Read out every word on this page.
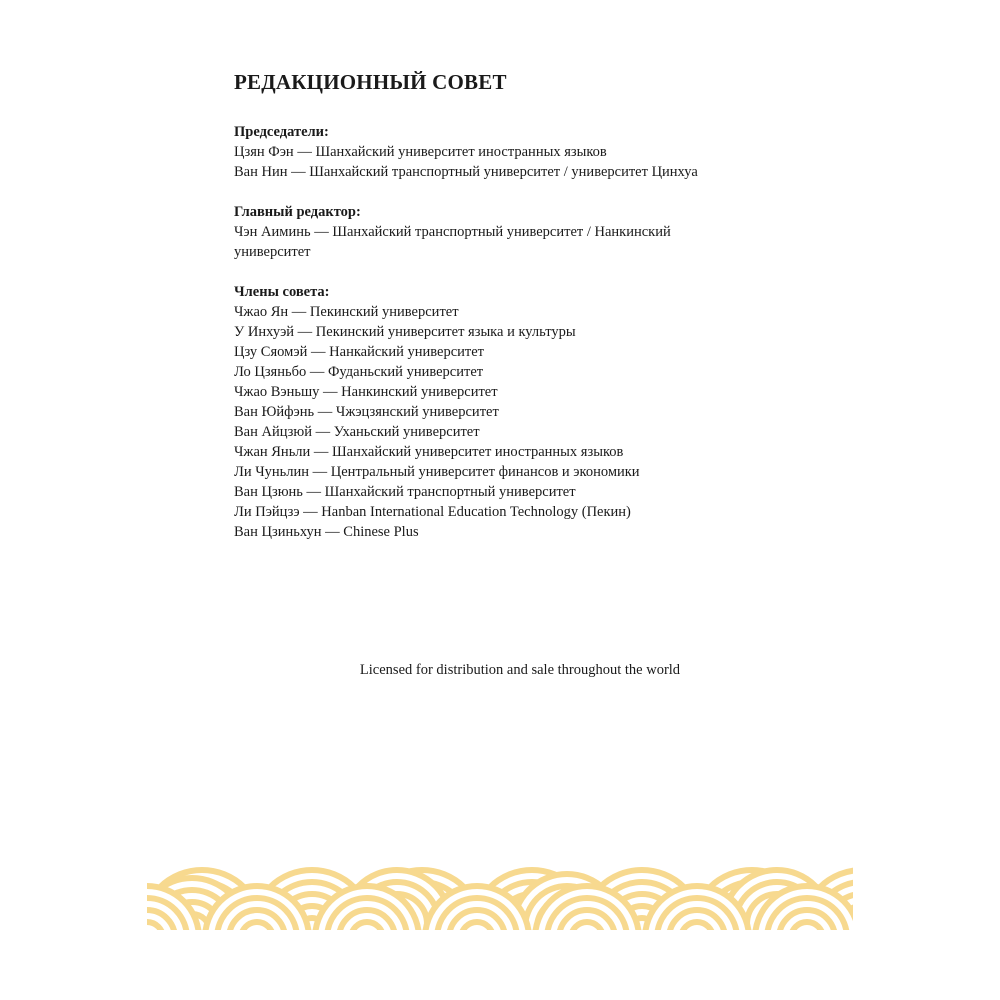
РЕДАКЦИОННЫЙ СОВЕТ
Председатели:
Цзян Фэн — Шанхайский университет иностранных языков
Ван Нин — Шанхайский транспортный университет / университет Цинхуа
Главный редактор:
Чэн Аиминь — Шанхайский транспортный университет / Нанкинский
университет
Члены совета:
Чжао Ян — Пекинский университет
У Инхуэй — Пекинский университет языка и культуры
Цзу Сяомэй — Нанкайский университет
Ло Цзяньбо — Фуданьский университет
Чжао Вэньшу — Нанкинский университет
Ван Юйфэнь — Чжэцзянский университет
Ван Айцзюй — Уханьский университет
Чжан Яньли — Шанхайский университет иностранных языков
Ли Чуньлин — Центральный университет финансов и экономики
Ван Цзюнь — Шанхайский транспортный университет
Ли Пэйцзэ — Hanban International Education Technology (Пекин)
Ван Цзиньхун — Chinese Plus
Licensed for distribution and sale throughout the world
